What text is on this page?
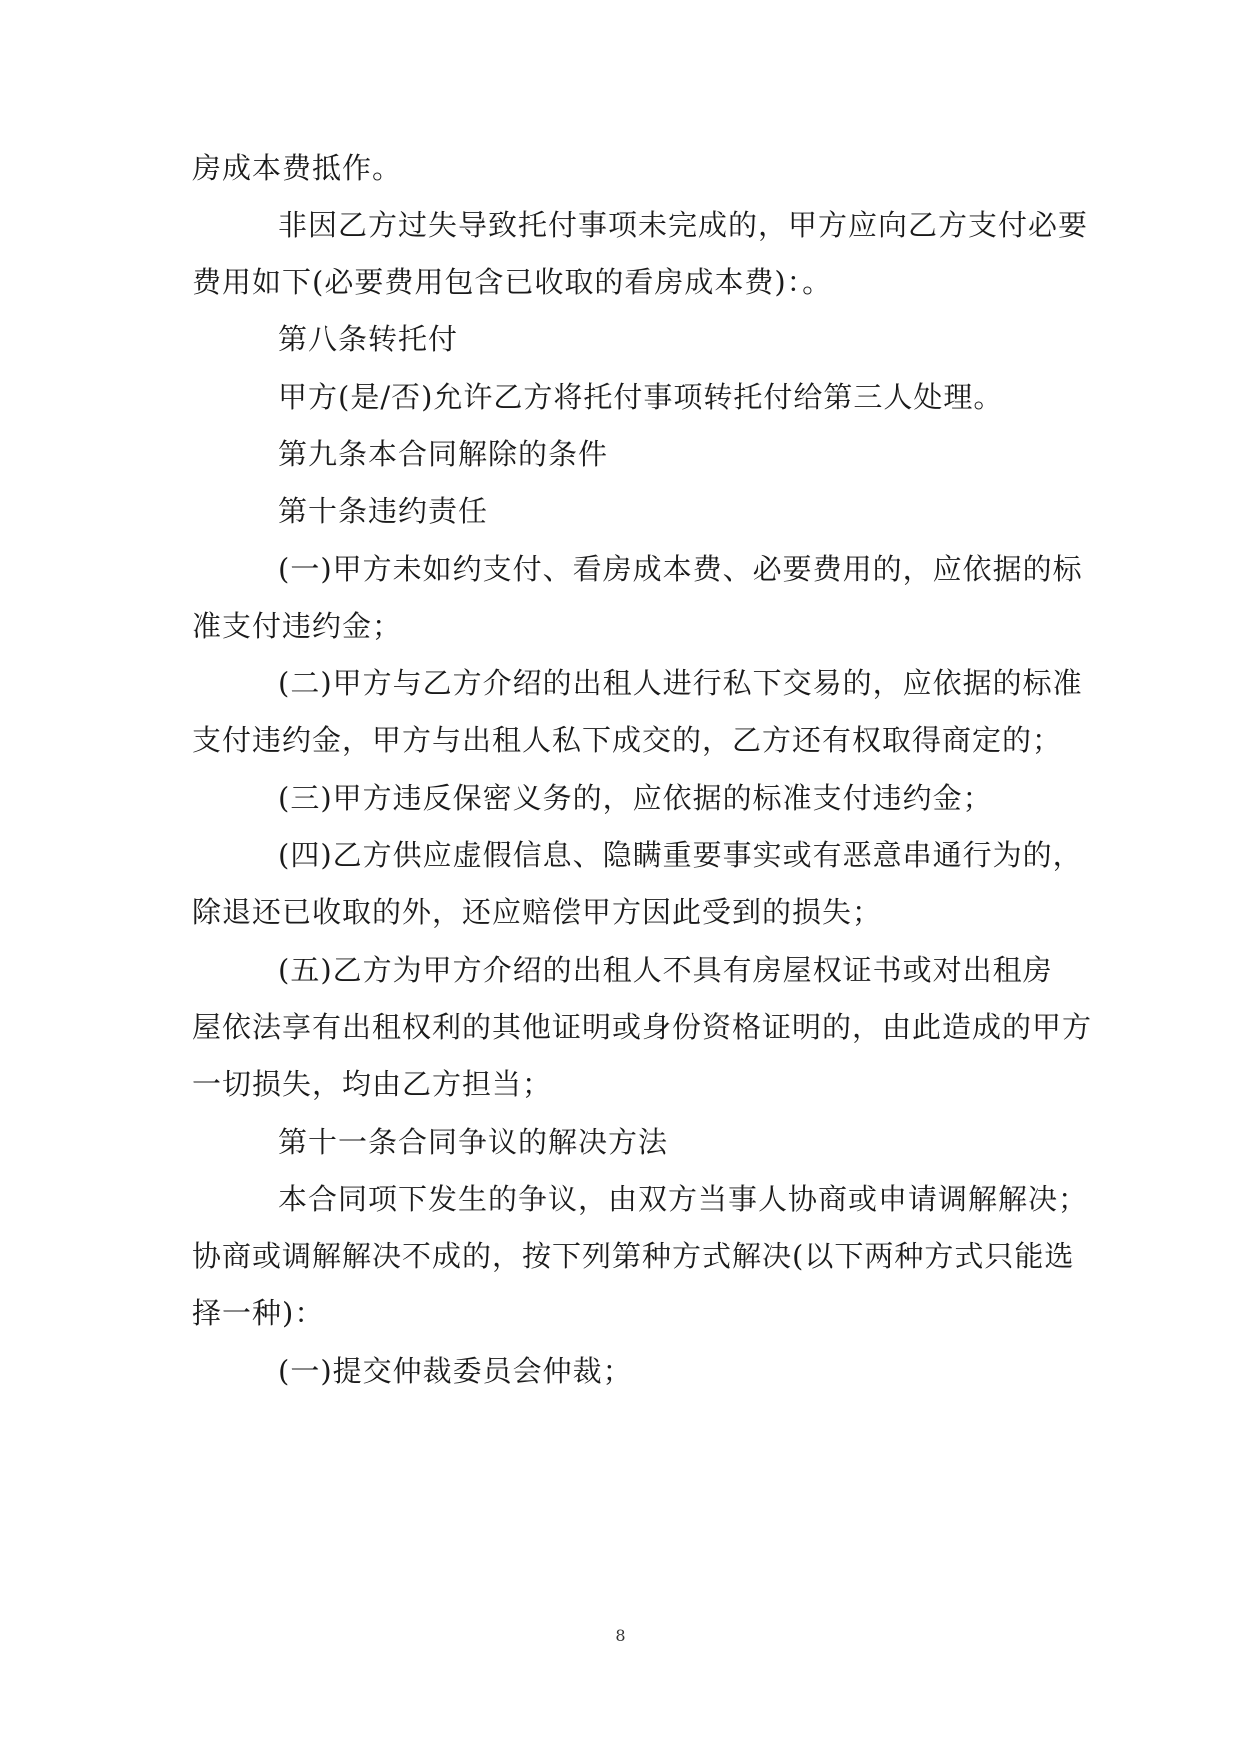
房成本费抵作。
非因乙方过失导致托付事项未完成的，甲方应向乙方支付必要
费用如下(必要费用包含已收取的看房成本费)：。
第八条转托付
甲方(是/否)允许乙方将托付事项转托付给第三人处理。
第九条本合同解除的条件
第十条违约责任
(一)甲方未如约支付、看房成本费、必要费用的，应依据的标
准支付违约金；
(二)甲方与乙方介绍的出租人进行私下交易的，应依据的标准
支付违约金，甲方与出租人私下成交的，乙方还有权取得商定的；
(三)甲方违反保密义务的，应依据的标准支付违约金；
(四)乙方供应虚假信息、隐瞒重要事实或有恶意串通行为的，
除退还已收取的外，还应赔偿甲方因此受到的损失；
(五)乙方为甲方介绍的出租人不具有房屋权证书或对出租房
屋依法享有出租权利的其他证明或身份资格证明的，由此造成的甲方
一切损失，均由乙方担当；
第十一条合同争议的解决方法
本合同项下发生的争议，由双方当事人协商或申请调解解决；
协商或调解解决不成的，按下列第种方式解决(以下两种方式只能选
择一种)：
(一)提交仲裁委员会仲裁；
8
